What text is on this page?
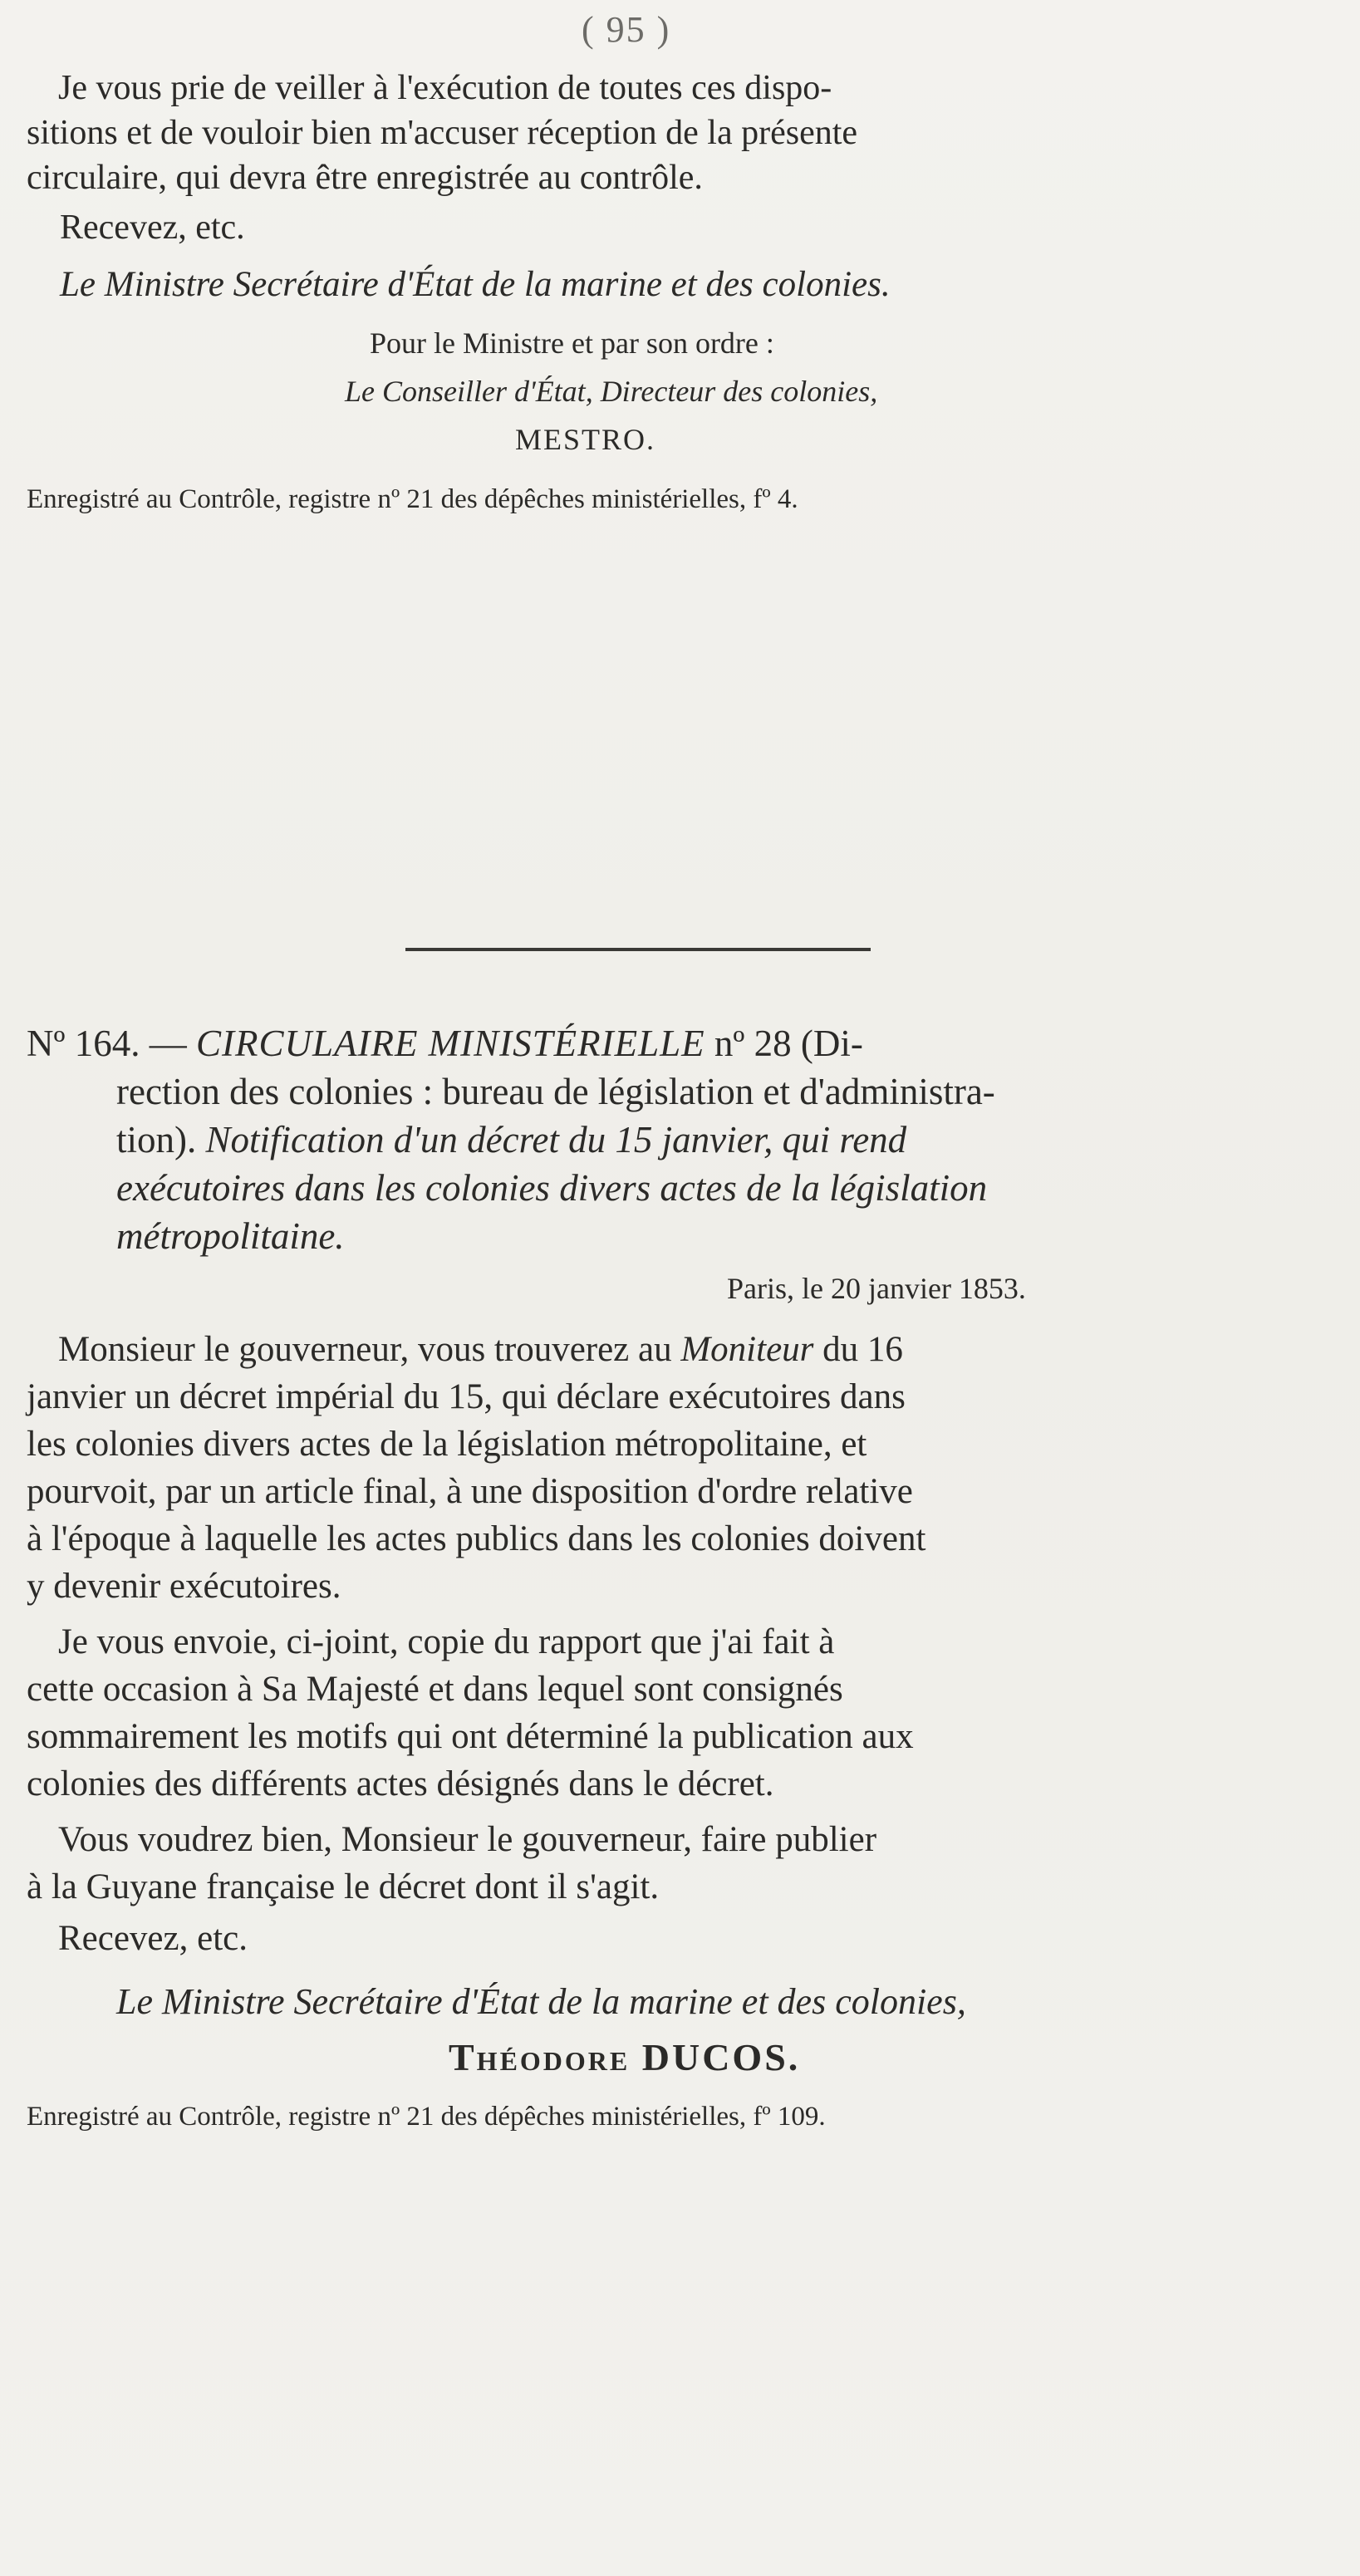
( 95 )
Je vous prie de veiller à l'exécution de toutes ces dispo-
sitions et de vouloir bien m'accuser réception de la présente
circulaire, qui devra être enregistrée au contrôle.
Recevez, etc.
Le Ministre Secrétaire d'État de la marine et des colonies.
Pour le Ministre et par son ordre :
Le Conseiller d'État, Directeur des colonies,
MESTRO.
Enregistré au Contrôle, registre nº 21 des dépêches ministérielles, fº 4.
Nº 164. — CIRCULAIRE MINISTÉRIELLE nº 28 (Di-
rection des colonies : bureau de législation et d'administra-
tion). Notification d'un décret du 15 janvier, qui rend
exécutoires dans les colonies divers actes de la législation
métropolitaine.
Paris, le 20 janvier 1853.
Monsieur le gouverneur, vous trouverez au Moniteur du 16
janvier un décret impérial du 15, qui déclare exécutoires dans
les colonies divers actes de la législation métropolitaine, et
pourvoit, par un article final, à une disposition d'ordre relative
à l'époque à laquelle les actes publics dans les colonies doivent
y devenir exécutoires.
Je vous envoie, ci-joint, copie du rapport que j'ai fait à
cette occasion à Sa Majesté et dans lequel sont consignés
sommairement les motifs qui ont déterminé la publication aux
colonies des différents actes désignés dans le décret.
Vous voudrez bien, Monsieur le gouverneur, faire publier
à la Guyane française le décret dont il s'agit.
Recevez, etc.
Le Ministre Secrétaire d'État de la marine et des colonies,
Théodore DUCOS.
Enregistré au Contrôle, registre nº 21 des dépêches ministérielles, fº 109.
